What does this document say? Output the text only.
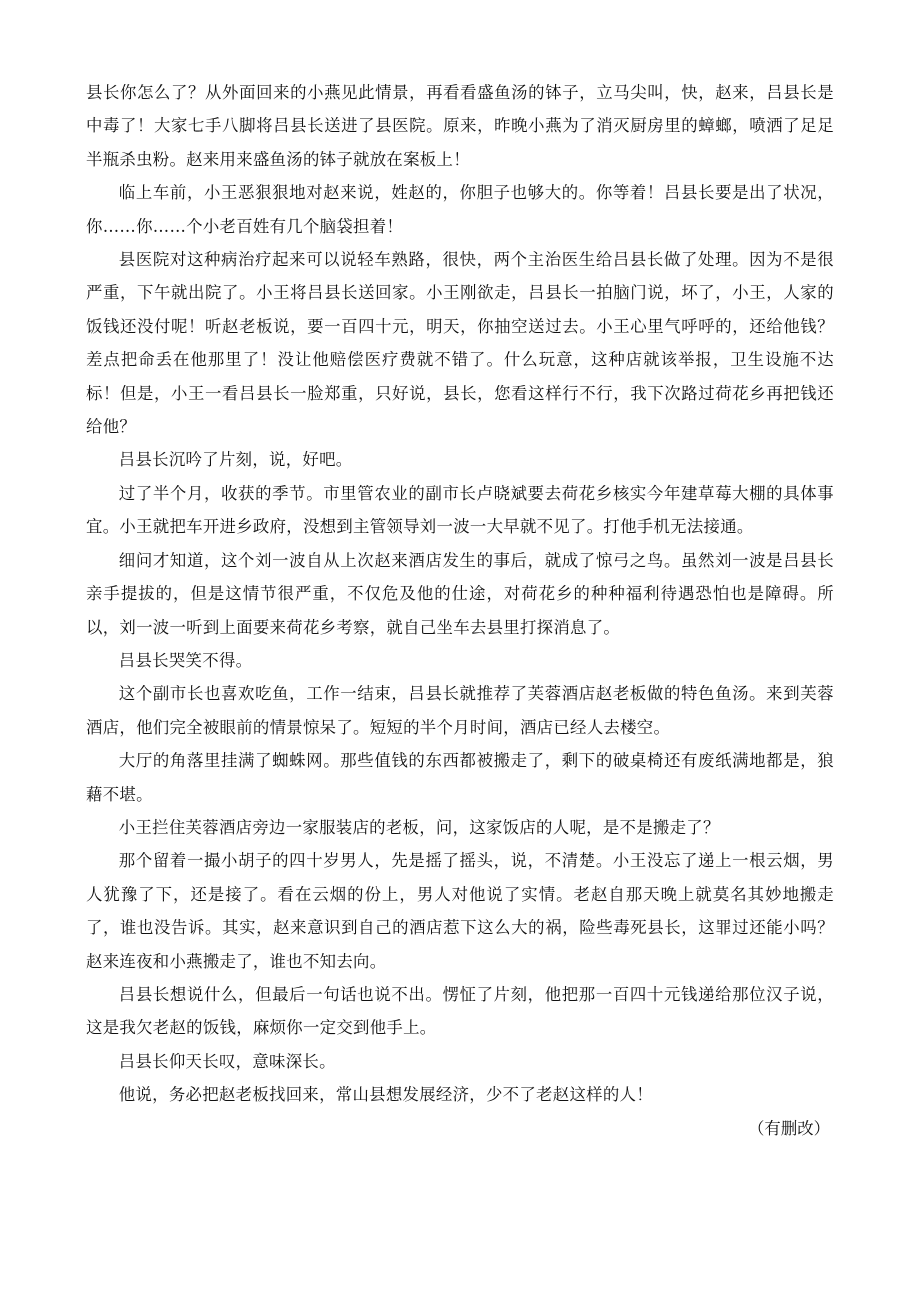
县长你怎么了？从外面回来的小燕见此情景，再看看盛鱼汤的钵子，立马尖叫，快，赵来，吕县长是中毒了！大家七手八脚将吕县长送进了县医院。原来，昨晚小燕为了消灭厨房里的蟑螂，喷洒了足足半瓶杀虫粉。赵来用来盛鱼汤的钵子就放在案板上！

临上车前，小王恶狠狠地对赵来说，姓赵的，你胆子也够大的。你等着！吕县长要是出了状况，你……你……个小老百姓有几个脑袋担着！

县医院对这种病治疗起来可以说轻车熟路，很快，两个主治医生给吕县长做了处理。因为不是很严重，下午就出院了。小王将吕县长送回家。小王刚欲走，吕县长一拍脑门说，坏了，小王，人家的饭钱还没付呢！听赵老板说，要一百四十元，明天，你抽空送过去。小王心里气呼呼的，还给他钱？差点把命丢在他那里了！没让他赔偿医疗费就不错了。什么玩意，这种店就该举报，卫生设施不达标！但是，小王一看吕县长一脸郑重，只好说，县长，您看这样行不行，我下次路过荷花乡再把钱还给他？

吕县长沉吟了片刻，说，好吧。

过了半个月，收获的季节。市里管农业的副市长卢晓斌要去荷花乡核实今年建草莓大棚的具体事宜。小王就把车开进乡政府，没想到主管领导刘一波一大早就不见了。打他手机无法接通。

细问才知道，这个刘一波自从上次赵来酒店发生的事后，就成了惊弓之鸟。虽然刘一波是吕县长亲手提拔的，但是这情节很严重，不仅危及他的仕途，对荷花乡的种种福利待遇恐怕也是障碍。所以，刘一波一听到上面要来荷花乡考察，就自己坐车去县里打探消息了。

吕县长哭笑不得。

这个副市长也喜欢吃鱼，工作一结束，吕县长就推荐了芙蓉酒店赵老板做的特色鱼汤。来到芙蓉酒店，他们完全被眼前的情景惊呆了。短短的半个月时间，酒店已经人去楼空。

大厅的角落里挂满了蜘蛛网。那些值钱的东西都被搬走了，剩下的破桌椅还有废纸满地都是，狼藉不堪。

小王拦住芙蓉酒店旁边一家服装店的老板，问，这家饭店的人呢，是不是搬走了？

那个留着一撮小胡子的四十岁男人，先是摇了摇头，说，不清楚。小王没忘了递上一根云烟，男人犹豫了下，还是接了。看在云烟的份上，男人对他说了实情。老赵自那天晚上就莫名其妙地搬走了，谁也没告诉。其实，赵来意识到自己的酒店惹下这么大的祸，险些毒死县长，这罪过还能小吗？赵来连夜和小燕搬走了，谁也不知去向。

吕县长想说什么，但最后一句话也说不出。愣怔了片刻，他把那一百四十元钱递给那位汉子说，这是我欠老赵的饭钱，麻烦你一定交到他手上。

吕县长仰天长叹，意味深长。

他说，务必把赵老板找回来，常山县想发展经济，少不了老赵这样的人！

（有删改）
